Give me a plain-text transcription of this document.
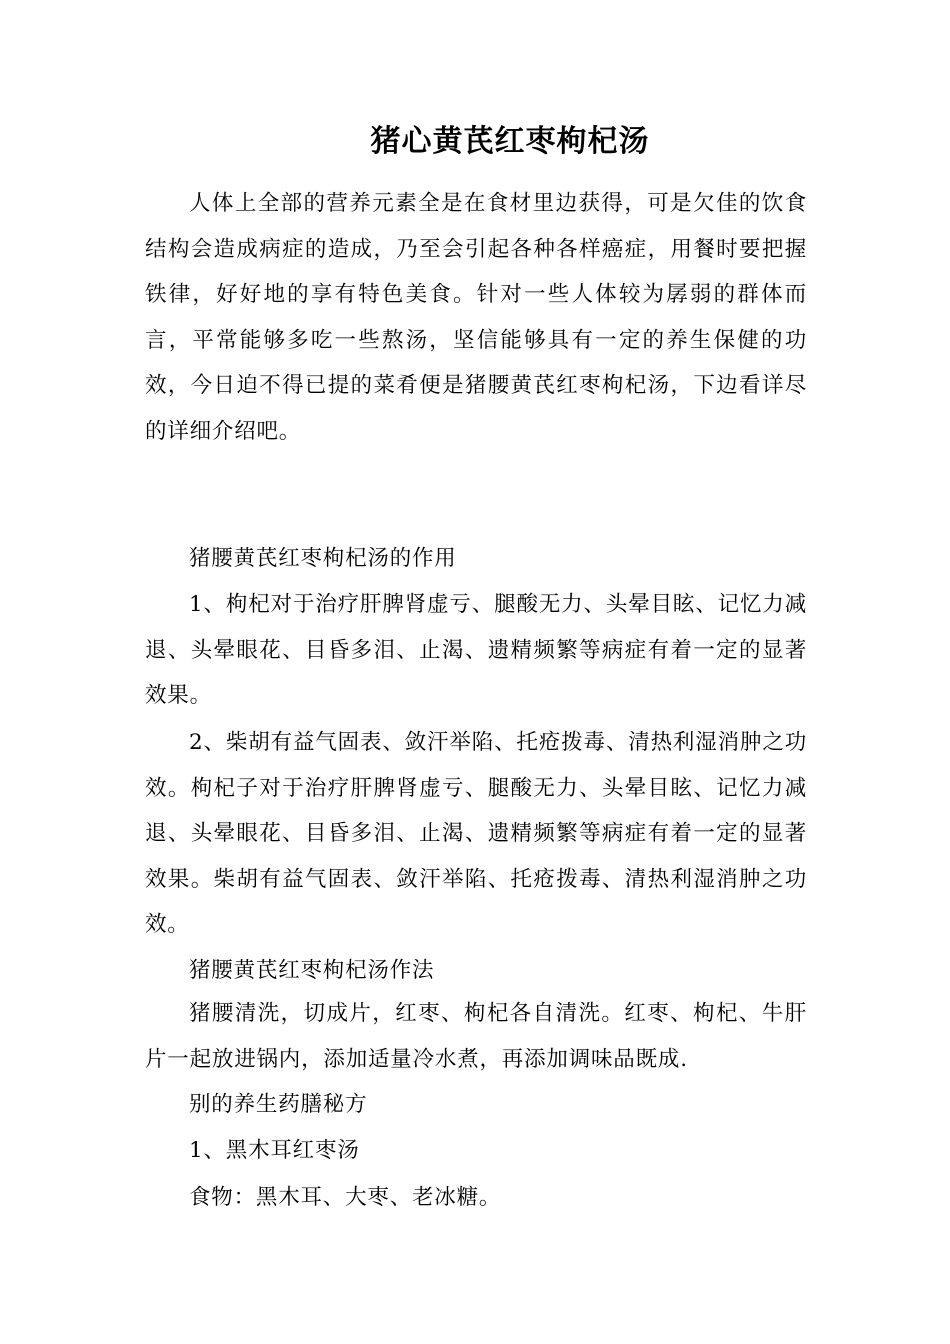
猪心黄芪红枣枸杞汤

人体上全部的营养元素全是在食材里边获得，可是欠佳的饮食结构会造成病症的造成，乃至会引起各种各样癌症，用餐时要把握铁律，好好地的享有特色美食。针对一些人体较为孱弱的群体而言，平常能够多吃一些熬汤，坚信能够具有一定的养生保健的功效，今日迫不得已提的菜肴便是猪腰黄芪红枣枸杞汤，下边看详尽的详细介绍吧。

猪腰黄芪红枣枸杞汤的作用

1、枸杞对于治疗肝脾肾虚亏、腿酸无力、头晕目眩、记忆力减退、头晕眼花、目昏多泪、止渴、遗精频繁等病症有着一定的显著效果。

2、柴胡有益气固表、敛汗举陷、托疮拨毒、清热利湿消肿之功效。枸杞子对于治疗肝脾肾虚亏、腿酸无力、头晕目眩、记忆力减退、头晕眼花、目昏多泪、止渴、遗精频繁等病症有着一定的显著效果。柴胡有益气固表、敛汗举陷、托疮拨毒、清热利湿消肿之功效。

猪腰黄芪红枣枸杞汤作法

猪腰清洗，切成片，红枣、枸杞各自清洗。红枣、枸杞、牛肝片一起放进锅内，添加适量冷水煮，再添加调味品既成.

别的养生药膳秘方

1、黑木耳红枣汤

食物：黑木耳、大枣、老冰糖。
